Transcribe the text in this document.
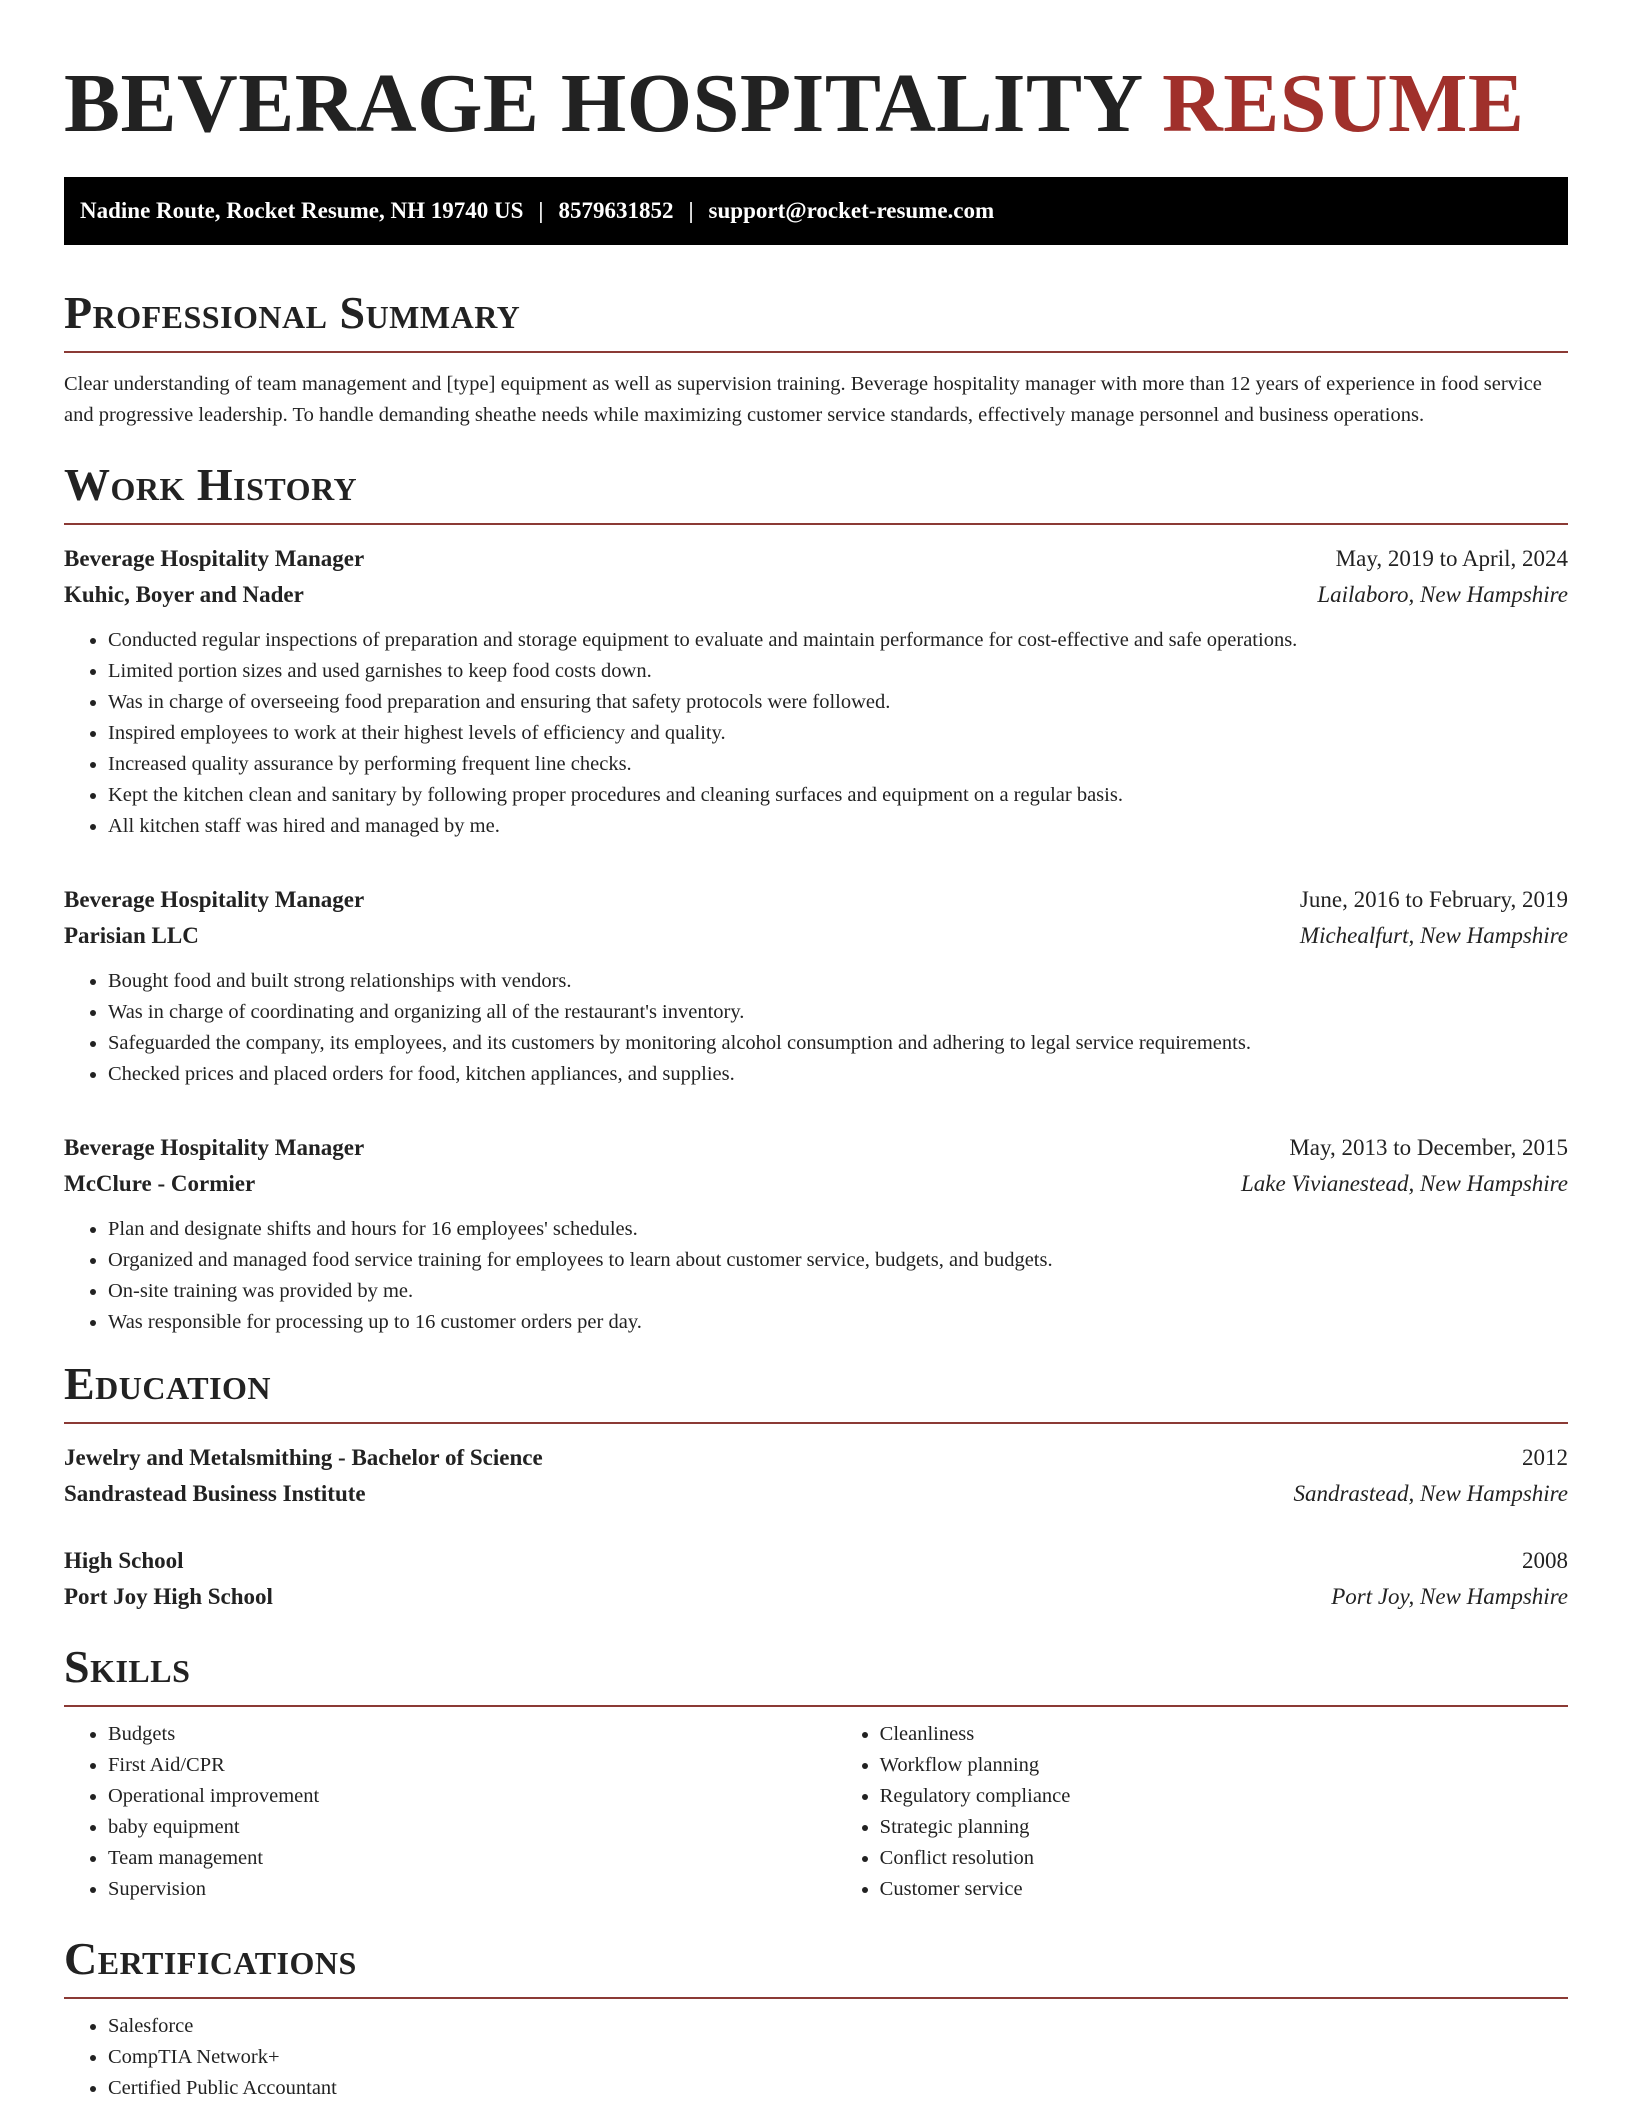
BEVERAGE HOSPITALITY RESUME
Nadine Route, Rocket Resume, NH 19740 US | 8579631852 | support@rocket-resume.com
Professional Summary

Clear understanding of team management and [type] equipment as well as supervision training. Beverage hospitality manager with more than 12 years of experience in food service and progressive leadership. To handle demanding sheathe needs while maximizing customer service standards, effectively manage personnel and business operations.

Work History
Beverage Hospitality Manager	May, 2019 to April, 2024
Kuhic, Boyer and Nader	Lailaboro, New Hampshire
• Conducted regular inspections of preparation and storage equipment to evaluate and maintain performance for cost-effective and safe operations.
• Limited portion sizes and used garnishes to keep food costs down.
• Was in charge of overseeing food preparation and ensuring that safety protocols were followed.
• Inspired employees to work at their highest levels of efficiency and quality.
• Increased quality assurance by performing frequent line checks.
• Kept the kitchen clean and sanitary by following proper procedures and cleaning surfaces and equipment on a regular basis.
• All kitchen staff was hired and managed by me.
Beverage Hospitality Manager	June, 2016 to February, 2019
Parisian LLC	Michealfurt, New Hampshire
• Bought food and built strong relationships with vendors.
• Was in charge of coordinating and organizing all of the restaurant's inventory.
• Safeguarded the company, its employees, and its customers by monitoring alcohol consumption and adhering to legal service requirements.
• Checked prices and placed orders for food, kitchen appliances, and supplies.
Beverage Hospitality Manager	May, 2013 to December, 2015
McClure - Cormier	Lake Vivianestead, New Hampshire
• Plan and designate shifts and hours for 16 employees' schedules.
• Organized and managed food service training for employees to learn about customer service, budgets, and budgets.
• On-site training was provided by me.
• Was responsible for processing up to 16 customer orders per day.
Education
Jewelry and Metalsmithing - Bachelor of Science	2012
Sandrastead Business Institute	Sandrastead, New Hampshire
High School	2008
Port Joy High School	Port Joy, New Hampshire
Skills
• Budgets
• First Aid/CPR
• Operational improvement
• baby equipment
• Team management
• Supervision
• Cleanliness
• Workflow planning
• Regulatory compliance
• Strategic planning
• Conflict resolution
• Customer service
Certifications
• Salesforce
• CompTIA Network+
• Certified Public Accountant
